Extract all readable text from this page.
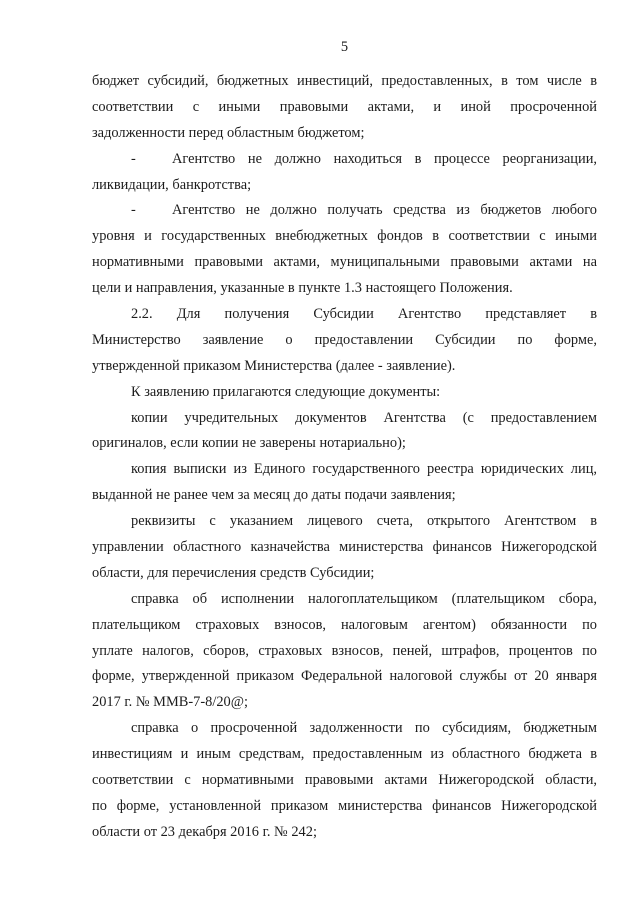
5
бюджет субсидий, бюджетных инвестиций, предоставленных, в том числе в
соответствии с иными правовыми актами, и иной просроченной
задолженности перед областным бюджетом;
-	Агентство не должно находиться в процессе реорганизации,
ликвидации, банкротства;
-	Агентство не должно получать средства из бюджетов любого
уровня и государственных внебюджетных фондов в соответствии с иными
нормативными правовыми актами, муниципальными правовыми актами на
цели и направления, указанные в пункте 1.3 настоящего Положения.
2.2. Для получения Субсидии Агентство представляет в
Министерство заявление о предоставлении Субсидии по форме,
утвержденной приказом Министерства (далее - заявление).
К заявлению прилагаются следующие документы:
копии учредительных документов Агентства (с предоставлением
оригиналов, если копии не заверены нотариально);
копия выписки из Единого государственного реестра юридических лиц,
выданной не ранее чем за месяц до даты подачи заявления;
реквизиты с указанием лицевого счета, открытого Агентством в
управлении областного казначейства министерства финансов Нижегородской
области, для перечисления средств Субсидии;
справка об исполнении налогоплательщиком (плательщиком сбора,
плательщиком страховых взносов, налоговым агентом) обязанности по
уплате налогов, сборов, страховых взносов, пеней, штрафов, процентов по
форме, утвержденной приказом Федеральной налоговой службы от 20 января
2017 г. № ММВ-7-8/20@;
справка о просроченной задолженности по субсидиям, бюджетным
инвестициям и иным средствам, предоставленным из областного бюджета в
соответствии с нормативными правовыми актами Нижегородской области,
по форме, установленной приказом министерства финансов Нижегородской
области от 23 декабря 2016 г. № 242;
